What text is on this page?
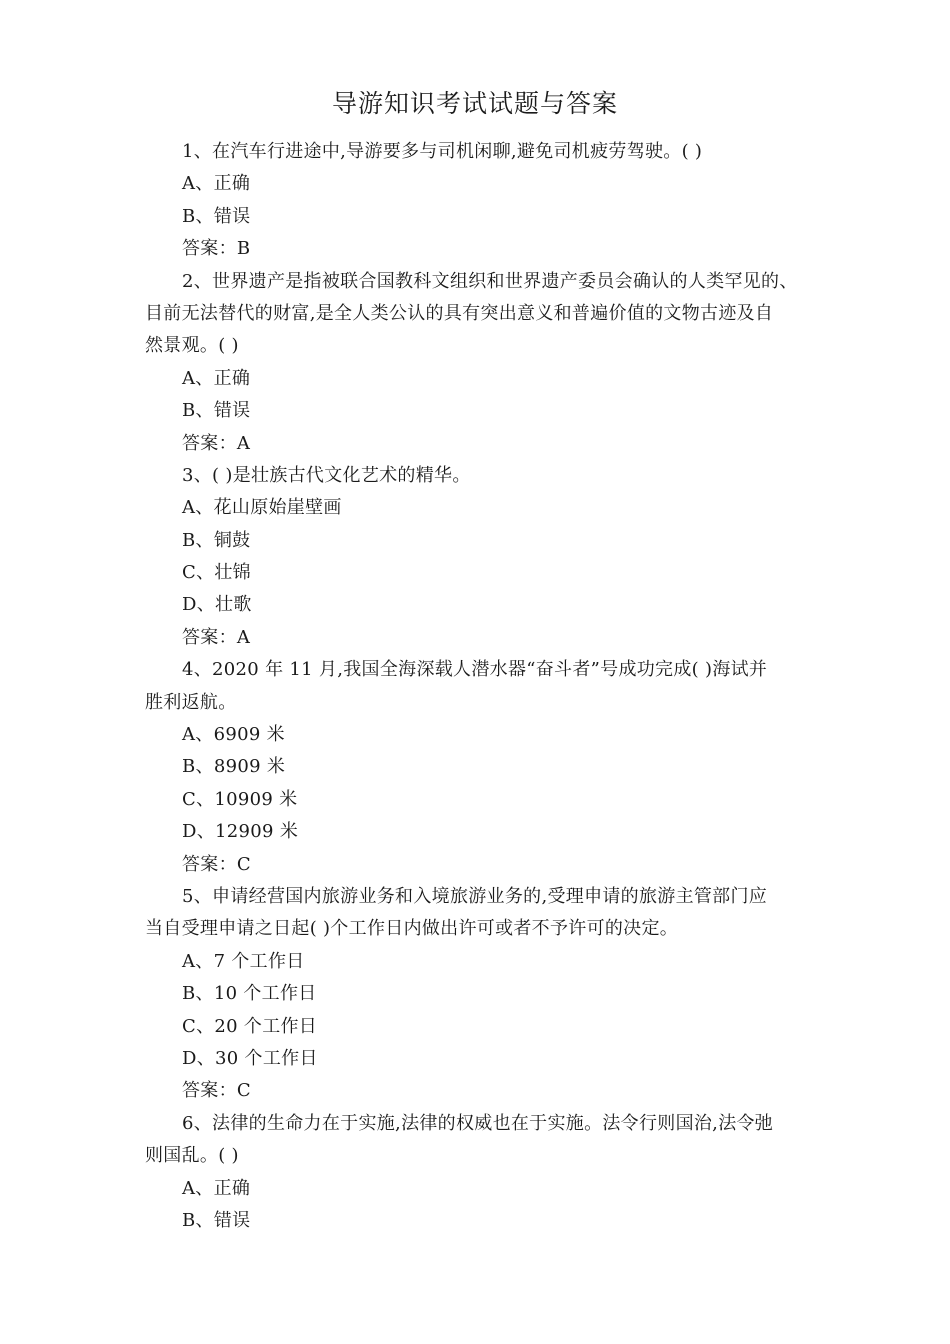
导游知识考试试题与答案
1、在汽车行进途中,导游要多与司机闲聊,避免司机疲劳驾驶。( )
A、正确
B、错误
答案：B
2、世界遗产是指被联合国教科文组织和世界遗产委员会确认的人类罕见的、
目前无法替代的财富,是全人类公认的具有突出意义和普遍价值的文物古迹及自
然景观。( )
A、正确
B、错误
答案：A
3、( )是壮族古代文化艺术的精华。
A、花山原始崖壁画
B、铜鼓
C、壮锦
D、壮歌
答案：A
4、2020 年 11 月,我国全海深载人潜水器“奋斗者”号成功完成( )海试并
胜利返航。
A、6909 米
B、8909 米
C、10909 米
D、12909 米
答案：C
5、申请经营国内旅游业务和入境旅游业务的,受理申请的旅游主管部门应
当自受理申请之日起( )个工作日内做出许可或者不予许可的决定。
A、7 个工作日
B、10 个工作日
C、20 个工作日
D、30 个工作日
答案：C
6、法律的生命力在于实施,法律的权威也在于实施。法令行则国治,法令弛
则国乱。( )
A、正确
B、错误
